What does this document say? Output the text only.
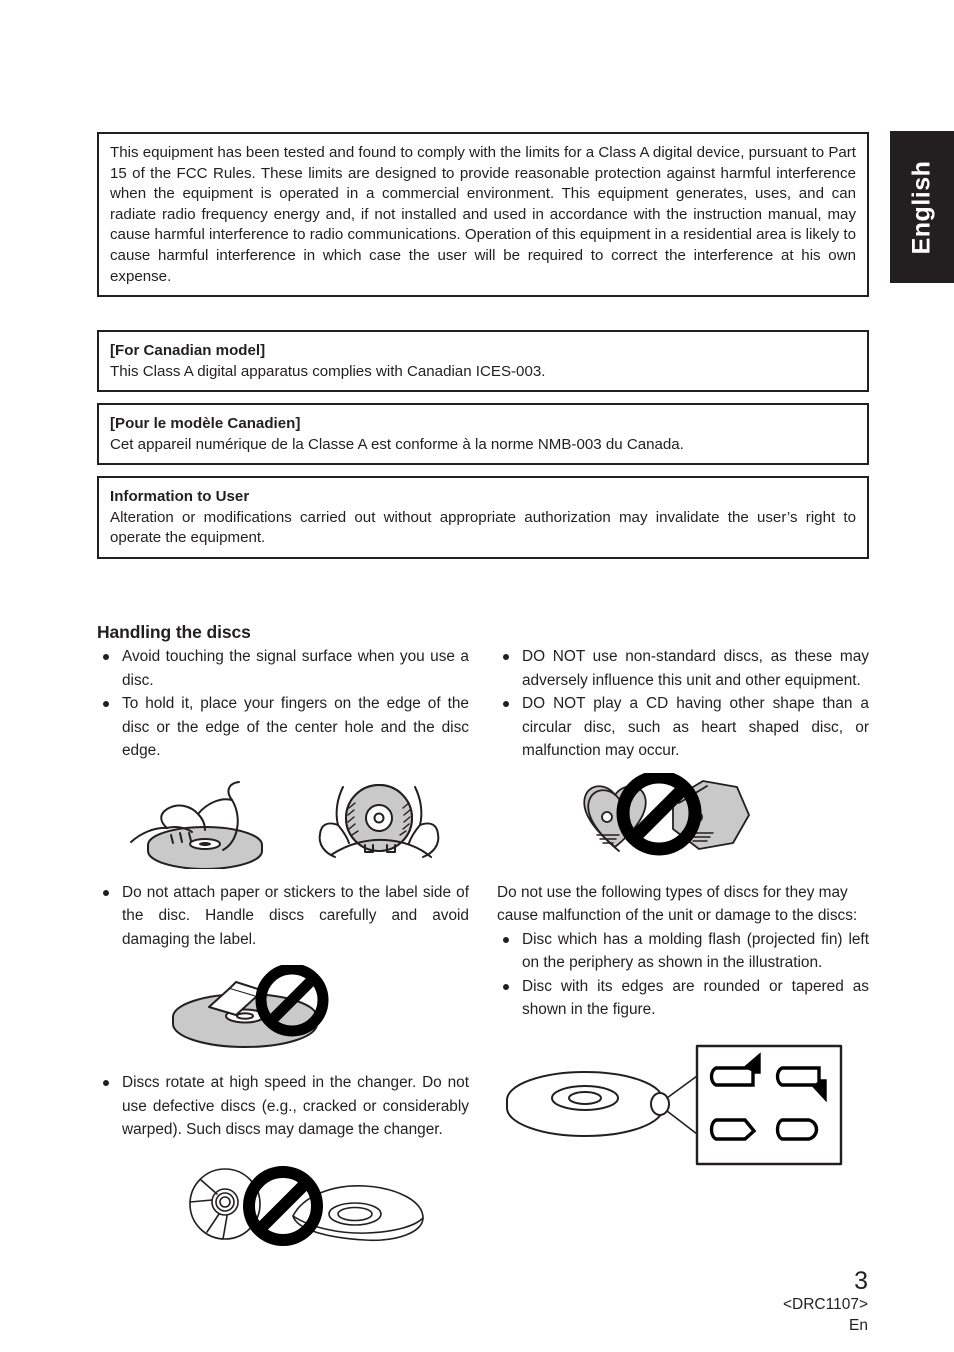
English

This equipment has been tested and found to comply with the limits for a Class A digital device, pursuant to Part 15 of the FCC Rules. These limits are designed to provide reasonable protection against harmful interference when the equipment is operated in a commercial environment. This equipment generates, uses, and can radiate radio frequency energy and, if not installed and used in accordance with the instruction manual, may cause harmful interference to radio communications. Operation of this equipment in a residential area is likely to cause harmful interference in which case the user will be required to correct the interference at his own expense.

[For Canadian model]

This Class A digital apparatus complies with Canadian ICES-003.

[Pour le modèle Canadien]

Cet appareil numérique de la Classe A est conforme à la norme NMB-003 du Canada.

Information to User

Alteration or modifications carried out without appropriate authorization may invalidate the user’s right to operate the equipment.

Handling the discs
Avoid touching the signal surface when you use a disc.
To hold it, place your fingers on the edge of the disc or the edge of the center hole and the disc edge.
Do not attach paper or stickers to the label side of the disc. Handle discs carefully and avoid damaging the label.
Discs rotate at high speed in the changer. Do not use defective discs (e.g., cracked or considerably warped). Such discs may damage the changer.
DO NOT use non-standard discs, as these may adversely influence this unit and other equipment.
DO NOT play a CD having other shape than a circular disc, such as heart shaped disc, or malfunction may occur.

Do not use the following types of discs for they may cause malfunction of the unit or damage to the discs:

Disc which has a molding flash (projected fin) left on the periphery as shown in the illustration.
Disc with its edges are rounded or tapered as shown in the figure.
3
<DRC1107>
En
